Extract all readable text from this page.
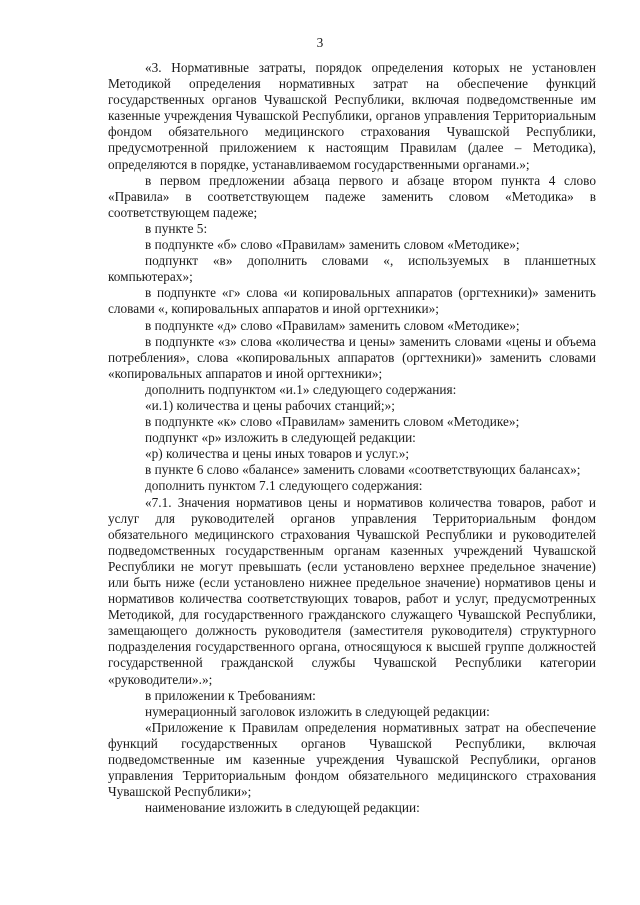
3

«3. Нормативные затраты, порядок определения которых не установлен Методикой определения нормативных затрат на обеспечение функций государственных органов Чувашской Республики, включая подведомственные им казенные учреждения Чувашской Республики, органов управления Территориальным фондом обязательного медицинского страхования Чувашской Республики, предусмотренной приложением к настоящим Правилам (далее – Методика), определяются в порядке, устанавливаемом государственными органами.»;

в первом предложении абзаца первого и абзаце втором пункта 4 слово «Правила» в соответствующем падеже заменить словом «Методика» в соответствующем падеже;

в пункте 5:

в подпункте «б» слово «Правилам» заменить словом «Методике»;

подпункт «в» дополнить словами «, используемых в планшетных компьютерах»;

в подпункте «г» слова «и копировальных аппаратов (оргтехники)» заменить словами «, копировальных аппаратов и иной оргтехники»;

в подпункте «д» слово «Правилам» заменить словом «Методике»;

в подпункте «з» слова «количества и цены» заменить словами «цены и объема потребления», слова «копировальных аппаратов (оргтехники)» заменить словами «копировальных аппаратов и иной оргтехники»;

дополнить подпунктом «и.1» следующего содержания:

«и.1) количества и цены рабочих станций;»;

в подпункте «к» слово «Правилам» заменить словом «Методике»;

подпункт «р» изложить в следующей редакции:

«р) количества и цены иных товаров и услуг.»;

в пункте 6 слово «балансе» заменить словами «соответствующих балансах»;

дополнить пунктом 7.1 следующего содержания:

«7.1. Значения нормативов цены и нормативов количества товаров, работ и услуг для руководителей органов управления Территориальным фондом обязательного медицинского страхования Чувашской Республики и руководителей подведомственных государственным органам казенных учреждений Чувашской Республики не могут превышать (если установлено верхнее предельное значение) или быть ниже (если установлено нижнее предельное значение) нормативов цены и нормативов количества соответствующих товаров, работ и услуг, предусмотренных Методикой, для государственного гражданского служащего Чувашской Республики, замещающего должность руководителя (заместителя руководителя) структурного подразделения государственного органа, относящуюся к высшей группе должностей государственной гражданской службы Чувашской Республики категории «руководители».»;

в приложении к Требованиям:

нумерационный заголовок изложить в следующей редакции:

«Приложение к Правилам определения нормативных затрат на обеспечение функций государственных органов Чувашской Республики, включая подведомственные им казенные учреждения Чувашской Республики, органов управления Территориальным фондом обязательного медицинского страхования Чувашской Республики»;

наименование изложить в следующей редакции:
